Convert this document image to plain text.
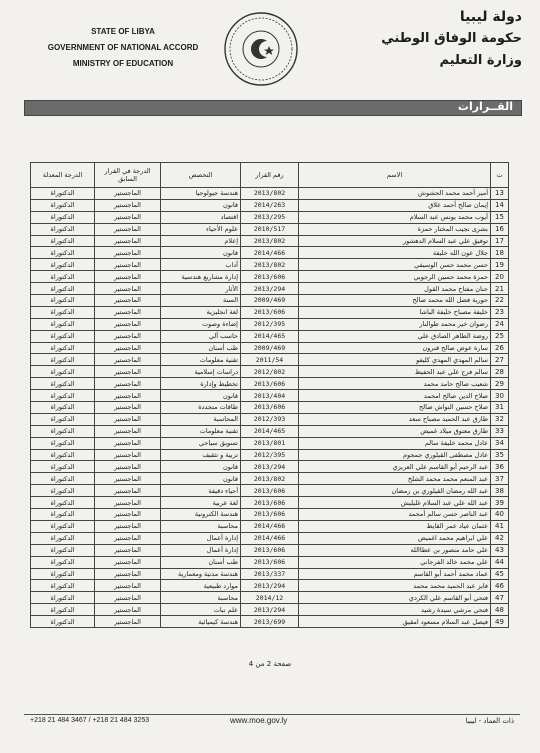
STATE OF LIBYA
GOVERNMENT OF NATIONAL ACCORD
MINISTRY OF EDUCATION
دولة ليبيا
حكومة الوفاق الوطني
وزارة التعليم
القــرارات
الدرجة المعدلة	الدرجة في القرار السابق	التخصص	رقم القرار	الاسم	ت
الدكتوراة	الماجستير	هندسة جيولوجيا	2013/802	أمير أحمد محمد الحشوش	13
الدكتوراة	الماجستير	قانون	2014/263	إيمان صالح أحمد علاق	14
الدكتوراة	الماجستير	اقتصاد	2013/295	أيوب محمد يونس عبد السلام	15
الدكتوراة	الماجستير	علوم الأحياء	2010/517	بشرى نجيب المختار حمزة	16
الدكتوراة	الماجستير	إعلام	2013/802	توفيق علي عبد السلام الدهشور	17
الدكتوراة	الماجستير	قانون	2014/466	جلال عون الله خليفة	18
الدكتوراة	الماجستير	آداب	2013/802	حسن محمد حسن الوسيفي	19
الدكتوراة	الماجستير	إدارة مشاريع هندسية	2013/606	حمزة محمد حسين الرجوبي	20
الدكتوراة	الماجستير	الآثار	2013/294	حنان مفتاح محمد القول	21
الدكتوراة	الماجستير	السنة	2009/469	حورية فضل الله محمد صالح	22
الدكتوراة	الماجستير	لغة انجليزية	2013/606	خليفة مصباح خليفة الباشا	23
الدكتوراة	الماجستير	إضاءة وصوت	2012/395	رضوان خير محمد طوالنار	24
الدكتوراة	الماجستير	حاسب آلي	2014/465	روضة الطاهر الصادق علي	25
الدكتوراة	الماجستير	طب أسنان	2009/469	سارة عوض صالح قنرون	26
الدكتوراة	الماجستير	تقنية معلومات	2011/54	سالم المهدي المهدي كليفو	27
الدكتوراة	الماجستير	دراسات إسلامية	2012/802	سالم فرج علي عبد الحفيظ	28
الدكتوراة	الماجستير	تخطيط وإدارة	2013/606	شعيب صالح حامد محمد	29
الدكتوراة	الماجستير	قانون	2013/404	صلاح الدين صالح امحمد	30
الدكتوراة	الماجستير	طاقات متجددة	2013/606	صلاح حسين النواش صالح	31
الدكتوراة	الماجستير	المحاسبة	2012/393	طارق عبد الحميد مصباح سعد	32
الدكتوراة	الماجستير	تقنية معلومات	2014/465	طارق معتوق ميلاد غميض	33
الدكتوراة	الماجستير	تسويق سياحي	2013/801	عادل محمد خليفة سالم	34
الدكتوراة	الماجستير	تربية و تثقيف	2012/395	عادل مصطفى القيلوري جمجوم	35
الدكتوراة	الماجستير	قانون	2013/294	عبد الرحيم أبو القاسم علي العريزي	36
الدكتوراة	الماجستير	قانون	2013/802	عبد المنعم محمد محمد الشلخ	37
الدكتوراة	الماجستير	أحياء دقيقة	2013/606	عبد الله رمضان القيلوري بن رمضان	38
الدكتوراة	الماجستير	لغة عربية	2013/606	عبد الله علي عبد السلام غليليش	39
الدكتوراة	الماجستير	هندسة الكترونية	2013/606	عبد الناصر حسن سالم أمحمد	40
الدكتوراة	الماجستير	محاسبة	2014/466	عثمان عياد عمر القايط	41
الدكتوراة	الماجستير	إدارة أعمال	2014/466	علي ابراهيم محمد اغميض	42
الدكتوراة	الماجستير	إدارة أعمال	2013/606	علي حامد منصور بن عطاالله	43
الدكتوراة	الماجستير	طب أسنان	2013/606	علي محمد خالد الفرجاني	44
الدكتوراة	الماجستير	هندسة مدنية ومعمارية	2013/337	عماد محمد أحمد أبو القاسم	45
الدكتوراة	الماجستير	موارد طبيعية	2013/294	فايز عبد الحميد محمد محمد	46
الدكتوراة	الماجستير	محاسبة	2014/12	فتحي أبو القاسم علي الكردي	47
الدكتوراة	الماجستير	علم نبات	2013/294	فتحي مرشي سيدة رشيد	48
الدكتوراة	الماجستير	هندسة كيميائية	2013/699	فيصل عبد السلام مسعود امقيق	49
صفحة 2 من 4
+218 21 484 3467 / +218 21 484 3253	www.moe.gov.ly	ذات العماد - ليبيا
